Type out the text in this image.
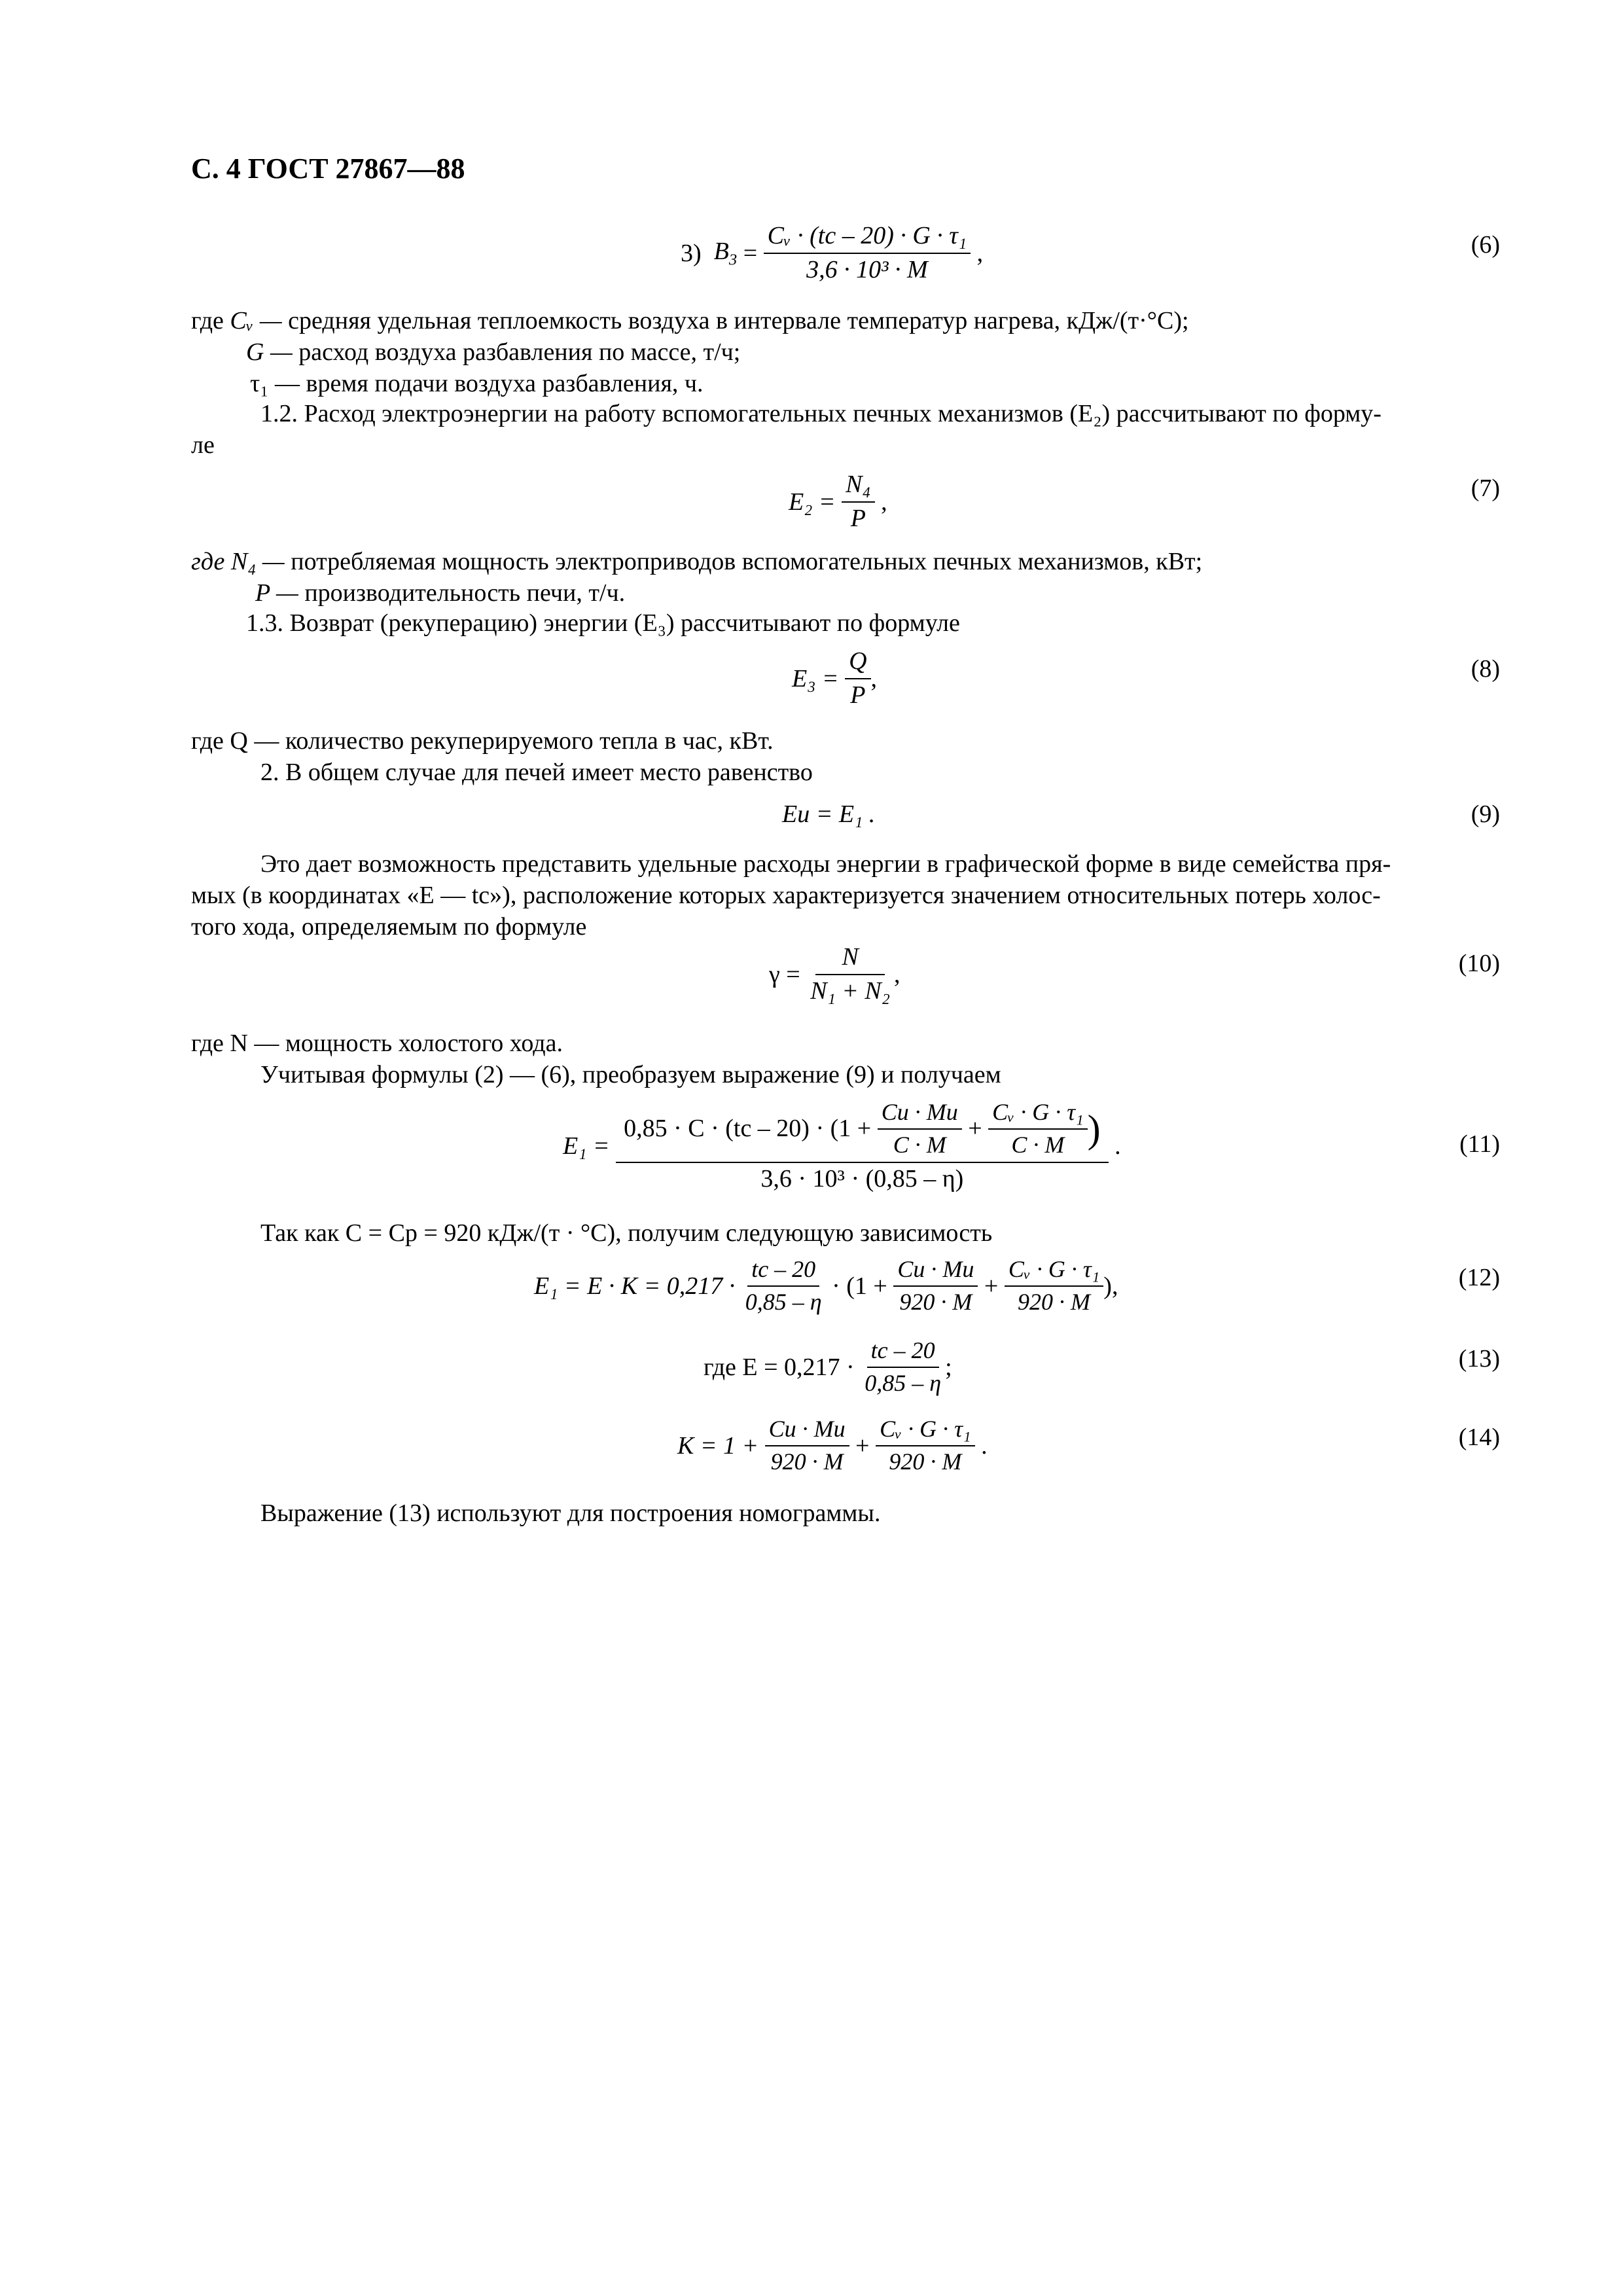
С. 4 ГОСТ 27867—88
3)
$B_3 = \frac{\text{Cᵥ · (tс – 20) · G · τ₁}}{\text{3,6 · 10³ · M}}$
,	(6)
где Cᵥ — средняя удельная теплоемкость воздуха в интервале температур нагрева, кДж/(т·°С);
G — расход воздуха разбавления по массе, т/ч;
τ₁ — время подачи воздуха разбавления, ч.
1.2. Расход электроэнергии на работу вспомогательных печных механизмов (E₂) рассчитывают по форму-
ле
E₂ =
$\frac{\text{N₄}}{P}$
,	(7)
где N₄ — потребляемая мощность электроприводов вспомогательных печных механизмов, кВт;
P — производительность печи, т/ч.
1.3. Возврат (рекуперацию) энергии (E₃) рассчитывают по формуле
E₃ =
$\frac{Q}{P}$ ,	(8)
где Q — количество рекуперируемого тепла в час, кВт.
2. В общем случае для печей имеет место равенство
Eи = E₁ .	(9)
Это дает возможность представить удельные расходы энергии в графической форме в виде семейства пря-
мых (в координатах «E — tс»), расположение которых характеризуется значением относительных потерь холос-
того хода, определяемым по формуле
γ =
$\frac{N}{\text{N₁ + N₂}}$ ,	(10)
где N — мощность холостого хода.
Учитывая формулы (2) — (6), преобразуем выражение (9) и получаем
E₁ =

0,85 · C · (tс – 20) · (1 +
$\frac{Cи \cdot Mи}{C \cdot M}$
+
$\frac{\text{Cᵥ · G · τ₁}}{C \cdot M}$ )
3,6 · 10³ · (0,85 – η)

.	(11)
Так как C = Cр = 920 кДж/(т · °С), получим следующую зависимость
E₁ = E · K = 0,217 ·
$\frac{tс - 20}{0,85 - \eta}$
· (1 +
$\frac{Cи \cdot Mи}{920 \cdot M}$
+
$\frac{\text{Cᵥ · G · τ₁}}{920 \cdot M}$ ),	(12)
где E = 0,217 ·
$\frac{tс - 20}{0,85 - \eta}$ ;	(13)
K = 1 +
$\frac{Cи \cdot Mи}{920 \cdot M}$
+
$\frac{\text{Cᵥ · G · τ₁}}{920 \cdot M}$
.	(14)
Выражение (13) используют для построения номограммы.
